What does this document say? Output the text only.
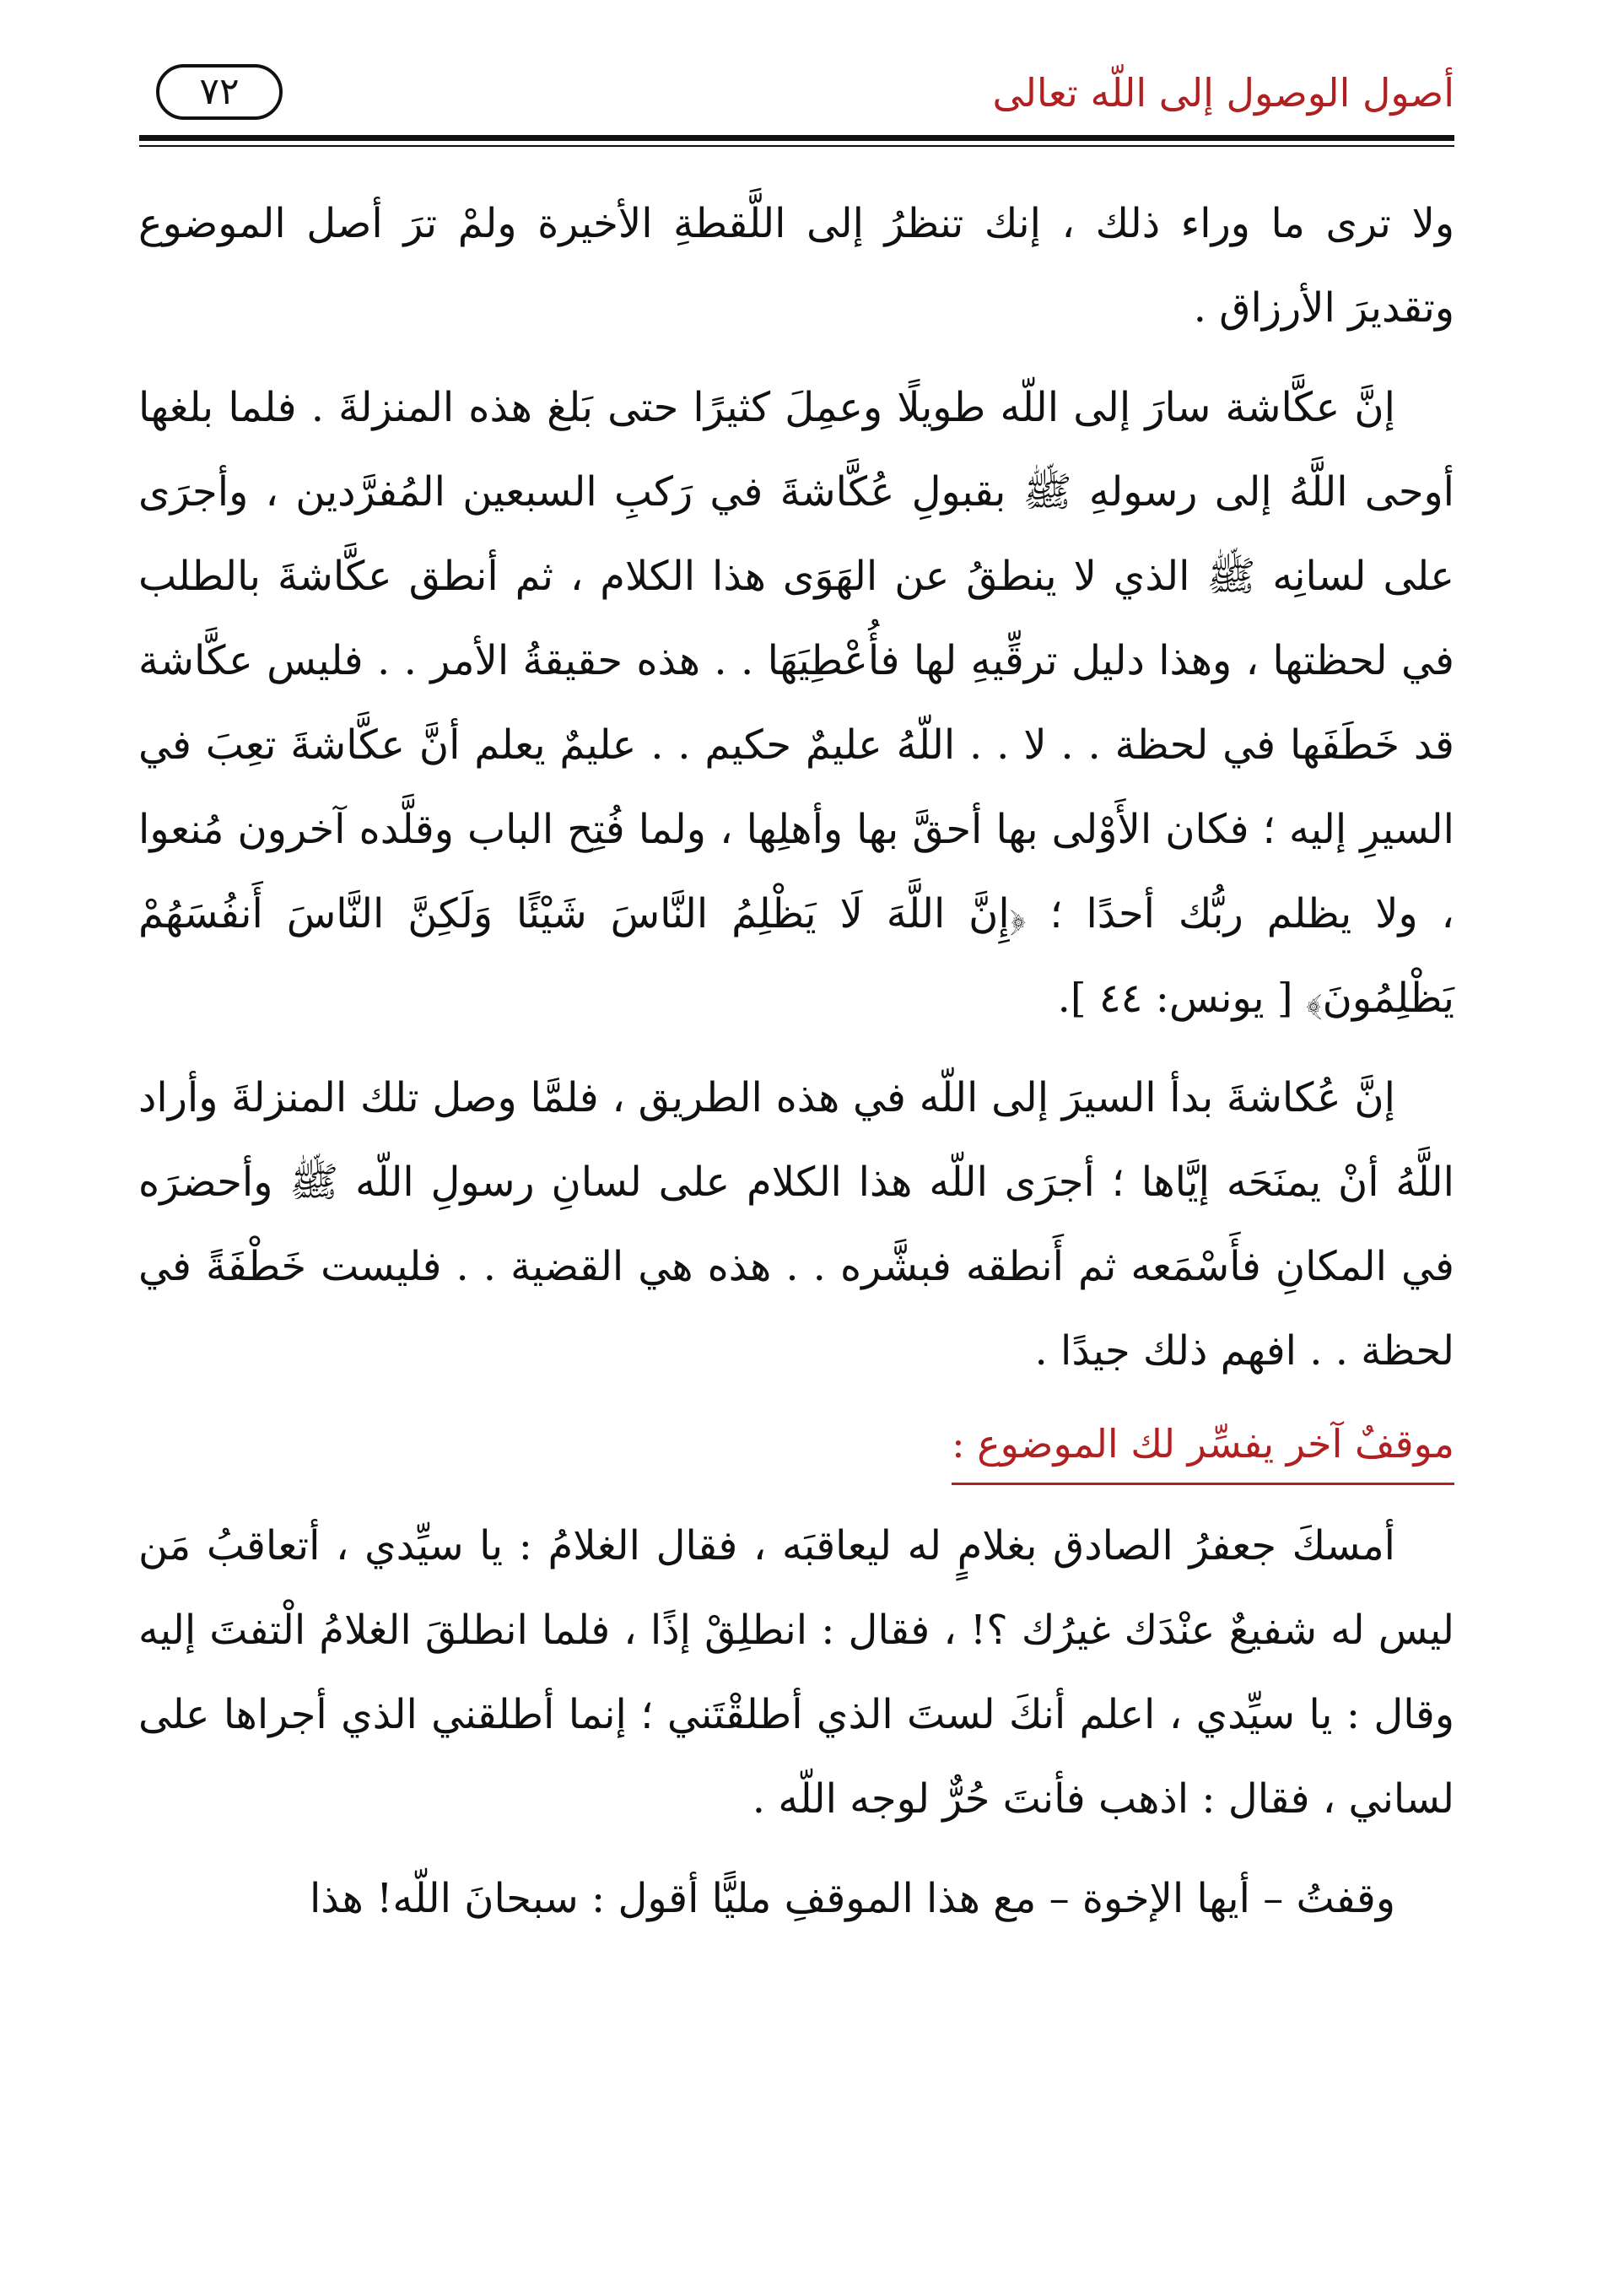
أصول الوصول إلى اللّه تعالى
٧٢

ولا ترى ما وراء ذلك ، إنك تنظرُ إلى اللَّقطةِ الأخيرة ولمْ ترَ أصل الموضوع وتقديرَ الأرزاق .

إنَّ عكَّاشة سارَ إلى اللّه طويلًا وعمِلَ كثيرًا حتى بَلغ هذه المنزلةَ . فلما بلغها أوحى اللَّهُ إلى رسولهِ ﷺ بقبولِ عُكَّاشةَ في رَكبِ السبعين المُفرَّدين ، وأجرَى على لسانِه ﷺ الذي لا ينطقُ عن الهَوَى هذا الكلام ، ثم أنطق عكَّاشةَ بالطلب في لحظتها ، وهذا دليل ترقِّيهِ لها فأُعْطِيَهَا . . هذه حقيقةُ الأمر . . فليس عكَّاشة قد خَطَفَها في لحظة . . لا . . اللّهُ عليمٌ حكيم . . عليمٌ يعلم أنَّ عكَّاشةَ تعِبَ في السيرِ إليه ؛ فكان الأَوْلى بها أحقَّ بها وأهلِها ، ولما فُتِح الباب وقلَّده آخرون مُنعوا ، ولا يظلم ربُّك أحدًا ؛ ﴿إِنَّ اللَّهَ لَا يَظْلِمُ النَّاسَ شَيْئًا وَلَكِنَّ النَّاسَ أَنفُسَهُمْ يَظْلِمُونَ﴾ [ يونس: ٤٤ ].

إنَّ عُكاشةَ بدأ السيرَ إلى اللّه في هذه الطريق ، فلمَّا وصل تلك المنزلةَ وأراد اللَّهُ أنْ يمنَحَه إيَّاها ؛ أجرَى اللّه هذا الكلام على لسانِ رسولِ اللّه ﷺ وأحضرَه في المكانِ فأَسْمَعه ثم أَنطقه فبشَّره . . هذه هي القضية . . فليست خَطْفَةً في لحظة . . افهم ذلك جيدًا .

موقفٌ آخر يفسِّر لك الموضوع :

أمسكَ جعفرُ الصادق بغلامٍ له ليعاقبَه ، فقال الغلامُ : يا سيِّدي ، أتعاقبُ مَن ليس له شفيعٌ عنْدَك غيرُك ؟! ، فقال : انطلِقْ إذًا ، فلما انطلقَ الغلامُ الْتفتَ إليه وقال : يا سيِّدي ، اعلم أنكَ لستَ الذي أطلقْتَني ؛ إنما أطلقني الذي أجراها على لساني ، فقال : اذهب فأنتَ حُرٌّ لوجه اللّه .

وقفتُ – أيها الإخوة – مع هذا الموقفِ مليًّا أقول : سبحانَ اللّه! هذا
